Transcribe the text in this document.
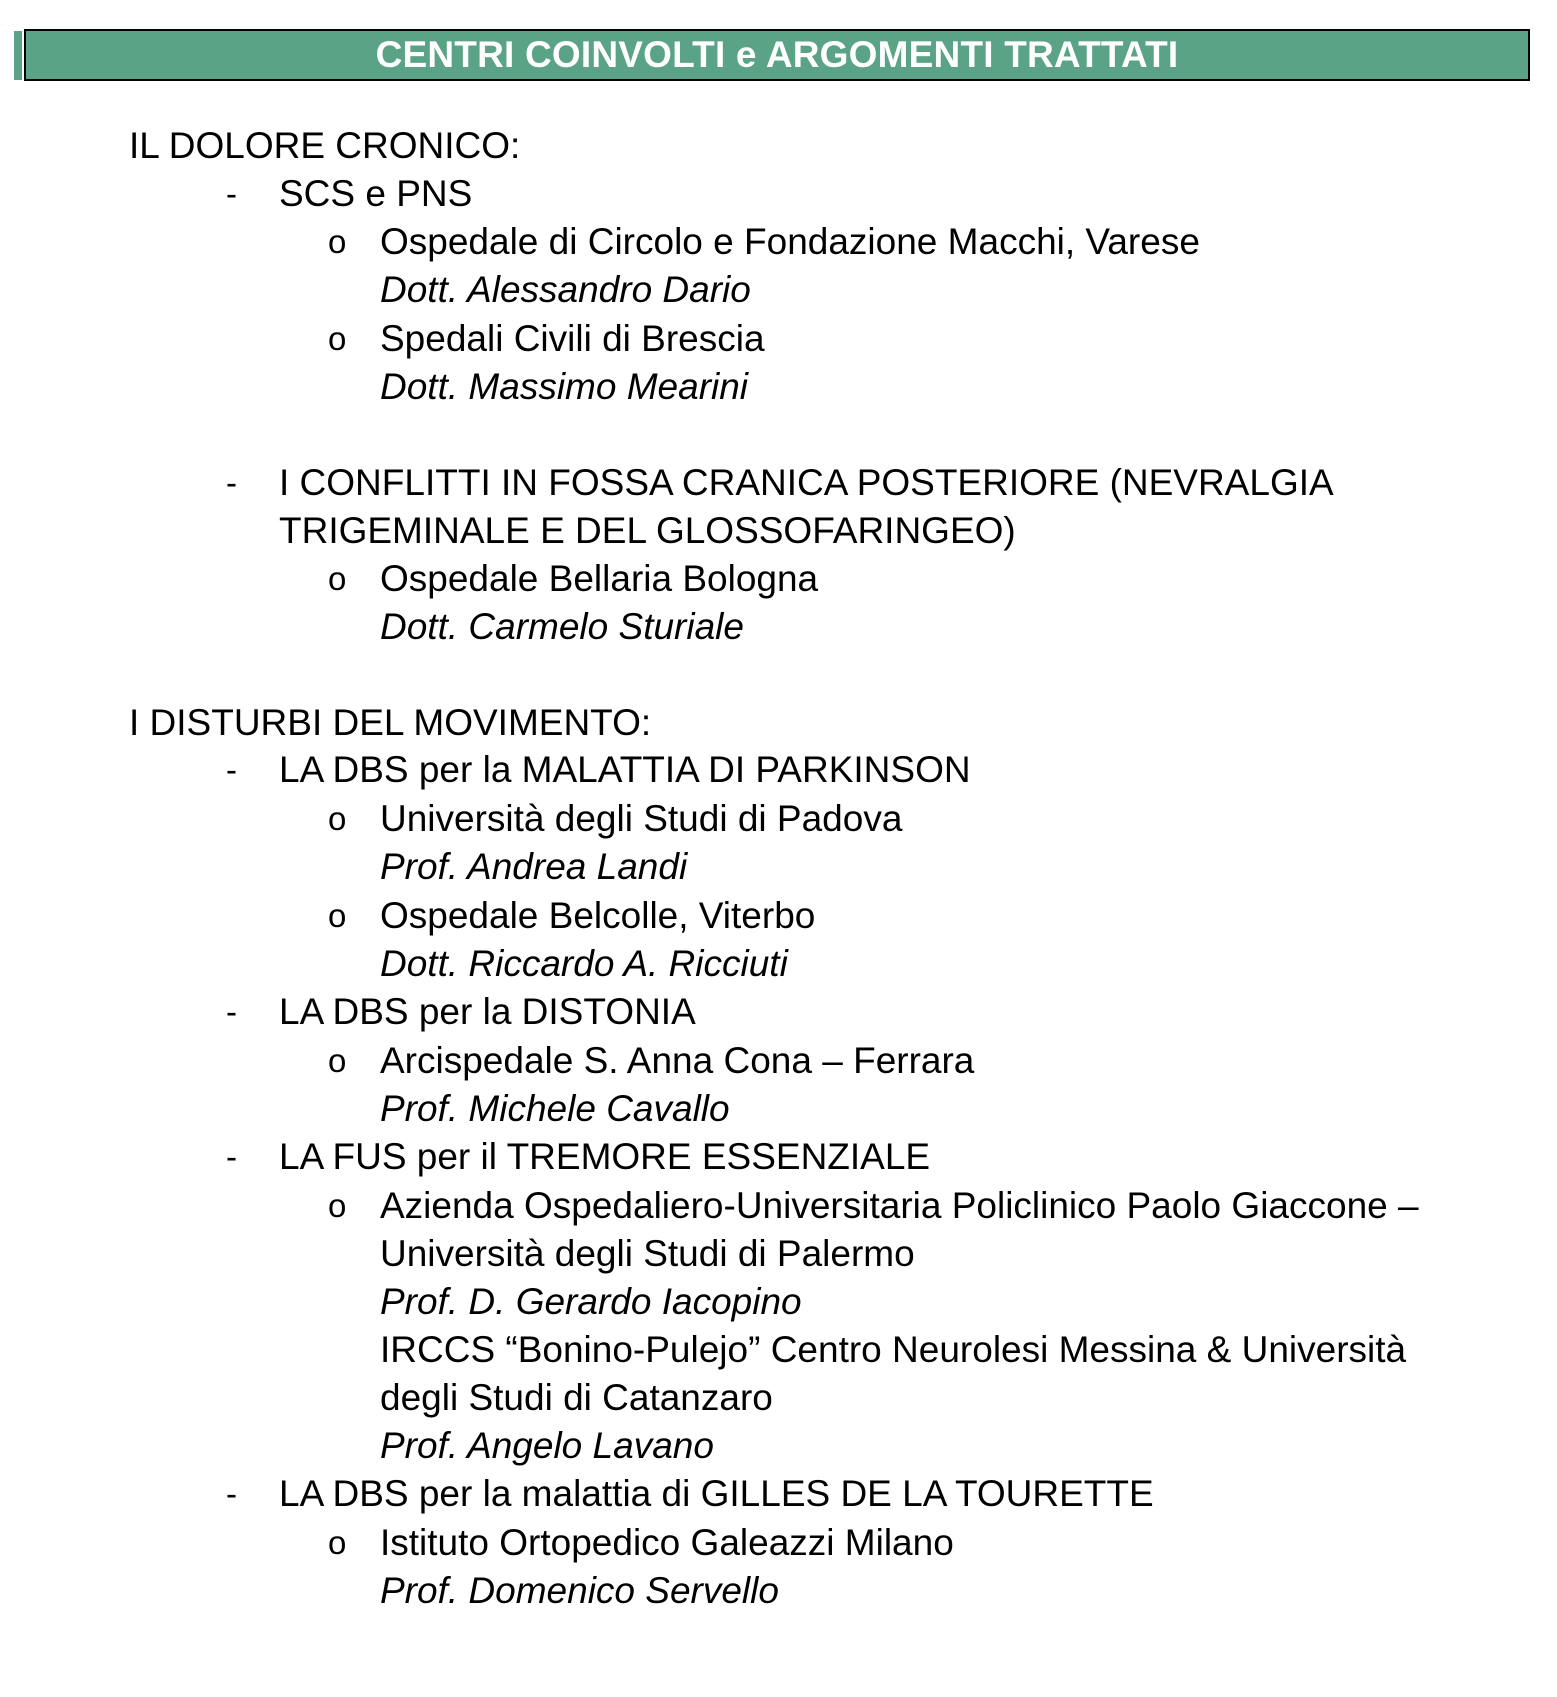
CENTRI COINVOLTI e ARGOMENTI TRATTATI
IL DOLORE CRONICO:
- SCS e PNS
o Ospedale di Circolo e Fondazione Macchi, Varese
Dott. Alessandro Dario
o Spedali Civili di Brescia
Dott. Massimo Mearini
- I CONFLITTI IN FOSSA CRANICA POSTERIORE (NEVRALGIA
TRIGEMINALE E DEL GLOSSOFARINGEO)
o Ospedale Bellaria Bologna
Dott. Carmelo Sturiale
I DISTURBI DEL MOVIMENTO:
- LA DBS per la MALATTIA DI PARKINSON
o Università degli Studi di Padova
Prof. Andrea Landi
o Ospedale Belcolle, Viterbo
Dott. Riccardo A. Ricciuti
- LA DBS per la DISTONIA
o Arcispedale S. Anna Cona – Ferrara
Prof. Michele Cavallo
- LA FUS per il TREMORE ESSENZIALE
o Azienda Ospedaliero-Universitaria Policlinico Paolo Giaccone –
Università degli Studi di Palermo
Prof. D. Gerardo Iacopino
IRCCS “Bonino-Pulejo” Centro Neurolesi Messina & Università
degli Studi di Catanzaro
Prof. Angelo Lavano
- LA DBS per la malattia di GILLES DE LA TOURETTE
o Istituto Ortopedico Galeazzi Milano
Prof. Domenico Servello
